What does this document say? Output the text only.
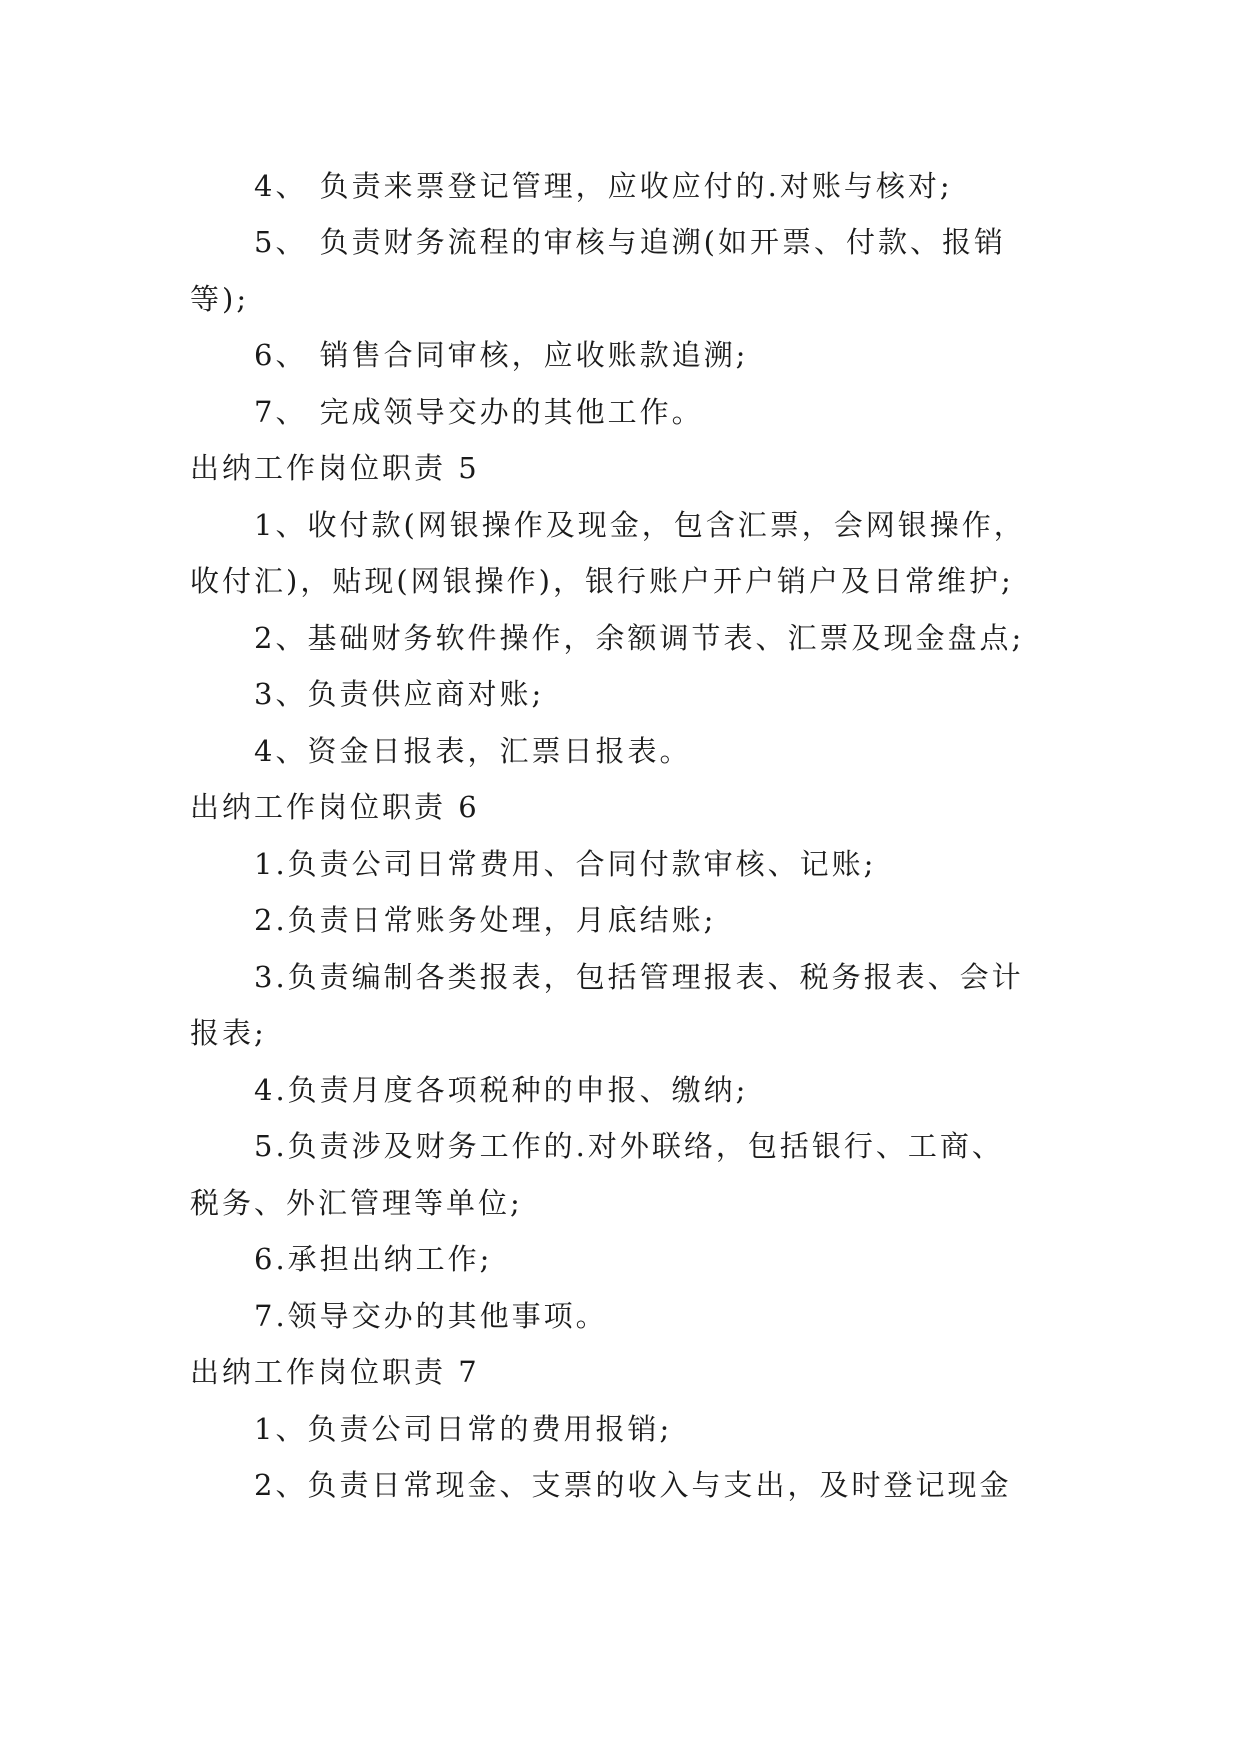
4、 负责来票登记管理，应收应付的.对账与核对;
5、 负责财务流程的审核与追溯(如开票、付款、报销
等);
6、 销售合同审核，应收账款追溯;
7、 完成领导交办的其他工作。
出纳工作岗位职责 5
1、收付款(网银操作及现金，包含汇票，会网银操作，
收付汇)，贴现(网银操作)，银行账户开户销户及日常维护;
2、基础财务软件操作，余额调节表、汇票及现金盘点;
3、负责供应商对账;
4、资金日报表，汇票日报表。
出纳工作岗位职责 6
1.负责公司日常费用、合同付款审核、记账;
2.负责日常账务处理，月底结账;
3.负责编制各类报表，包括管理报表、税务报表、会计
报表;
4.负责月度各项税种的申报、缴纳;
5.负责涉及财务工作的.对外联络，包括银行、工商、
税务、外汇管理等单位;
6.承担出纳工作;
7.领导交办的其他事项。
出纳工作岗位职责 7
1、负责公司日常的费用报销;
2、负责日常现金、支票的收入与支出，及时登记现金
